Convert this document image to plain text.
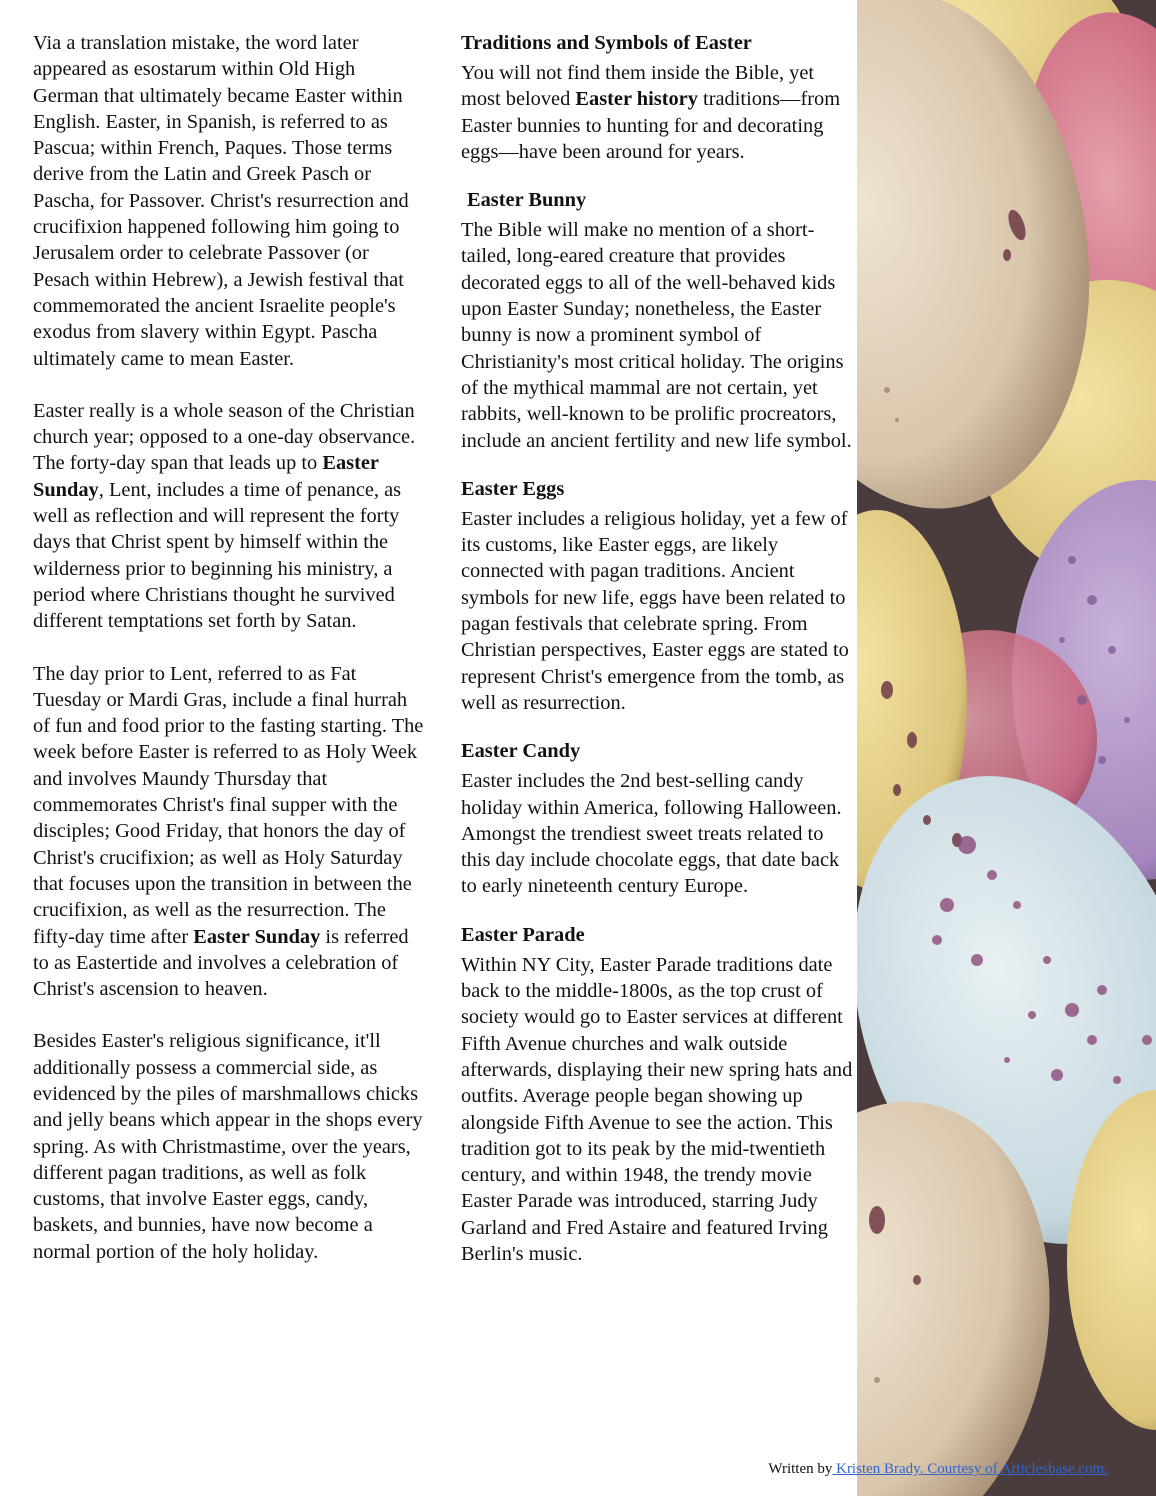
Via a translation mistake, the word later appeared as esostarum within Old High German that ultimately became Easter within English. Easter, in Spanish, is referred to as Pascua; within French, Paques. Those terms derive from the Latin and Greek Pasch or Pascha, for Passover. Christ's resurrection and crucifixion happened following him going to Jerusalem order to celebrate Passover (or Pesach within Hebrew), a Jewish festival that commemorated the ancient Israelite people's exodus from slavery within Egypt. Pascha ultimately came to mean Easter.

Easter really is a whole season of the Christian church year; opposed to a one-day observance. The forty-day span that leads up to Easter Sunday, Lent, includes a time of penance, as well as reflection and will represent the forty days that Christ spent by himself within the wilderness prior to beginning his ministry, a period where Christians thought he survived different temptations set forth by Satan.

The day prior to Lent, referred to as Fat Tuesday or Mardi Gras, include a final hurrah of fun and food prior to the fasting starting. The week before Easter is referred to as Holy Week and involves Maundy Thursday that commemorates Christ's final supper with the disciples; Good Friday, that honors the day of Christ's crucifixion; as well as Holy Saturday that focuses upon the transition in between the crucifixion, as well as the resurrection. The fifty-day time after Easter Sunday is referred to as Eastertide and involves a celebration of Christ's ascension to heaven.

Besides Easter's religious significance, it'll additionally possess a commercial side, as evidenced by the piles of marshmallows chicks and jelly beans which appear in the shops every spring. As with Christmastime, over the years, different pagan traditions, as well as folk customs, that involve Easter eggs, candy, baskets, and bunnies, have now become a normal portion of the holy holiday.

Traditions and Symbols of Easter

You will not find them inside the Bible, yet most beloved Easter history traditions—from Easter bunnies to hunting for and decorating eggs—have been around for years.

Easter Bunny

The Bible will make no mention of a short-tailed, long-eared creature that provides decorated eggs to all of the well-behaved kids upon Easter Sunday; nonetheless, the Easter bunny is now a prominent symbol of Christianity's most critical holiday. The origins of the mythical mammal are not certain, yet rabbits, well-known to be prolific procreators, include an ancient fertility and new life symbol.

Easter Eggs

Easter includes a religious holiday, yet a few of its customs, like Easter eggs, are likely connected with pagan traditions. Ancient symbols for new life, eggs have been related to pagan festivals that celebrate spring. From Christian perspectives, Easter eggs are stated to represent Christ's emergence from the tomb, as well as resurrection.

Easter Candy

Easter includes the 2nd best-selling candy holiday within America, following Halloween. Amongst the trendiest sweet treats related to this day include chocolate eggs, that date back to early nineteenth century Europe.

Easter Parade

Within NY City, Easter Parade traditions date back to the middle-1800s, as the top crust of society would go to Easter services at different Fifth Avenue churches and walk outside afterwards, displaying their new spring hats and outfits. Average people began showing up alongside Fifth Avenue to see the action. This tradition got to its peak by the mid-twentieth century, and within 1948, the trendy movie Easter Parade was introduced, starring Judy Garland and Fred Astaire and featured Irving Berlin's music.

Written by Kristen Brady. Courtesy of Articlesbase.com.
